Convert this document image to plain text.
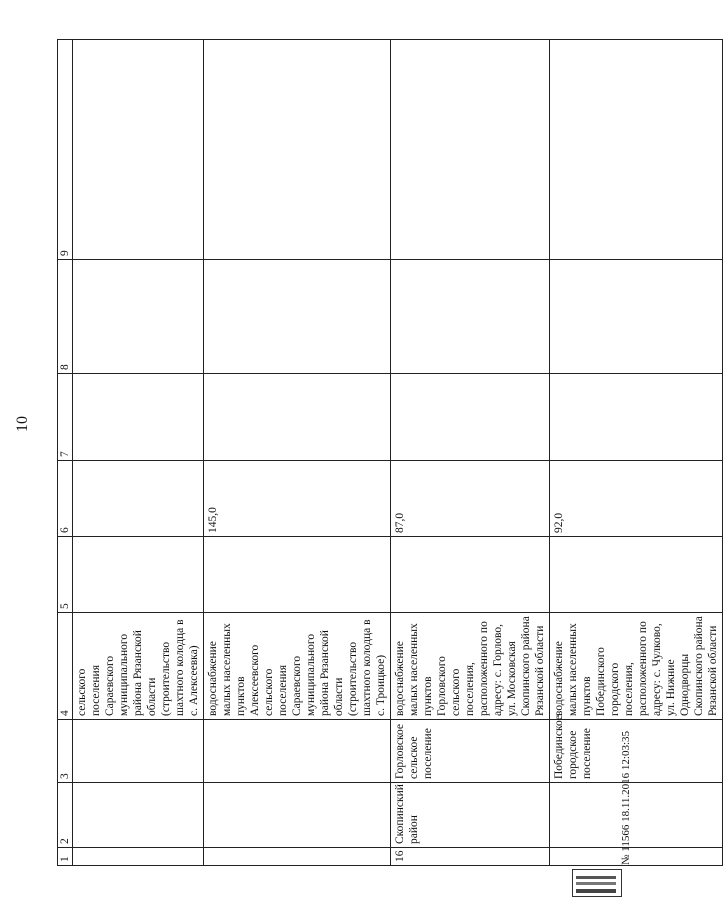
10
1	2	3	4	5	6	7	8	9
			сельского поселения Сараевского муниципального района Рязанской области (строительство шахтного колодца в с. Алексеевка)					
			водоснабжение малых населенных пунктов Алексеевского сельского поселения Сараевского муниципального района Рязанской области (строительство шахтного колодца в с. Троицкое)		145,0			
16	Скопинский район	Горловское сельское поселение	водоснабжение малых населенных пунктов Горловского сельского поселения, расположенного по адресу: с. Горлово, ул. Московская Скопинского района Рязанской области		87,0			
		Побединское городское поселение	водоснабжение малых населенных пунктов Побединского городского поселения, расположенного по адресу: с. Чулково, ул. Нижние Однодворцы Скопинского района Рязанской области		92,0			
№ 11566 18.11.2016 12:03:35
